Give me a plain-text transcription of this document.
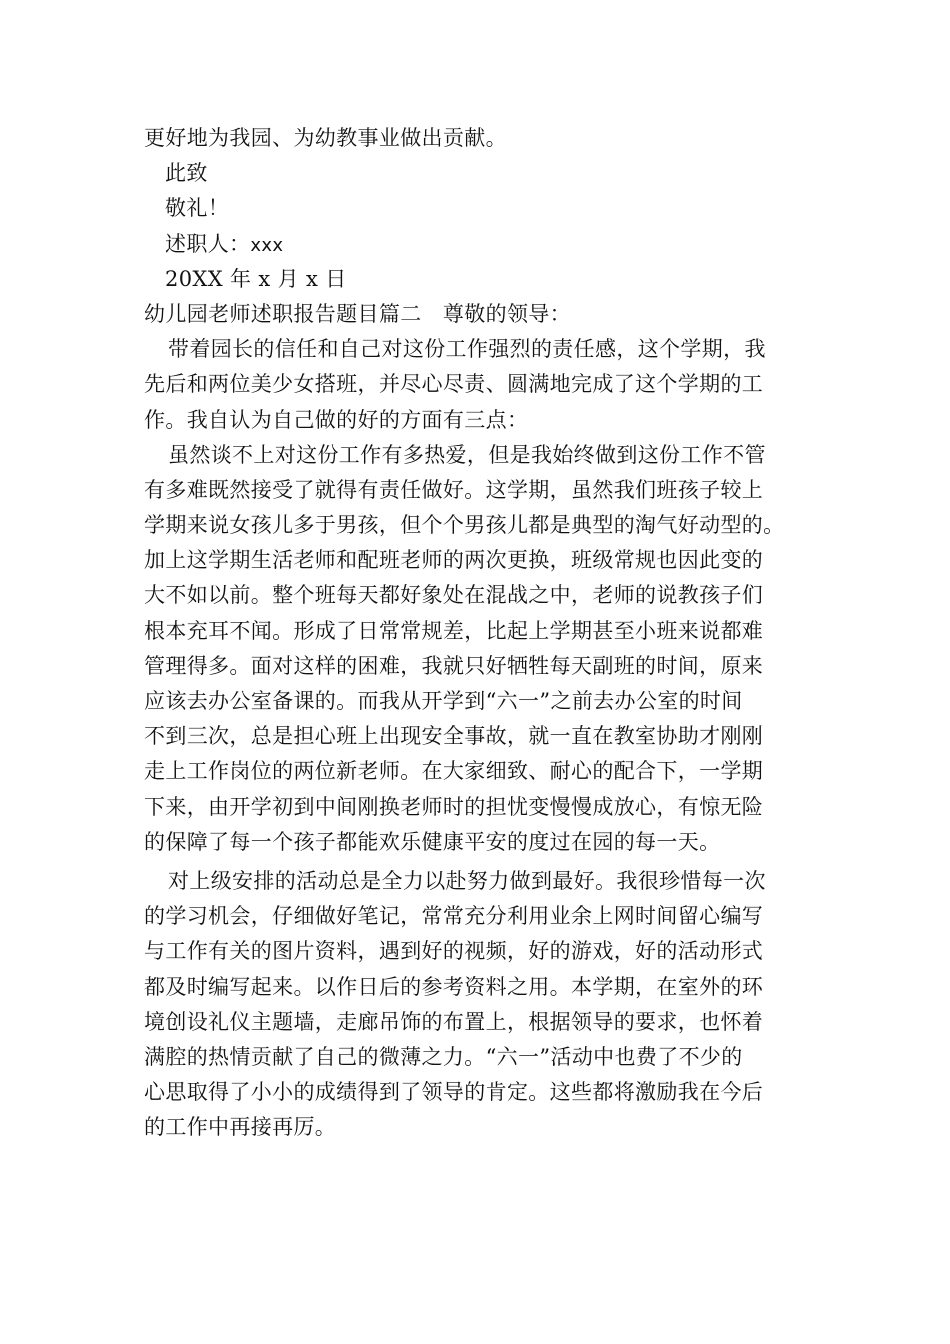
更好地为我园、为幼教事业做出贡献。
此致
敬礼！
述职人：xxx
20XX 年 x 月 x 日
幼儿园老师述职报告题目篇二　尊敬的领导：
带着园长的信任和自己对这份工作强烈的责任感，这个学期，我
先后和两位美少女搭班，并尽心尽责、圆满地完成了这个学期的工
作。我自认为自己做的好的方面有三点：
虽然谈不上对这份工作有多热爱，但是我始终做到这份工作不管
有多难既然接受了就得有责任做好。这学期，虽然我们班孩子较上
学期来说女孩儿多于男孩，但个个男孩儿都是典型的淘气好动型的。
加上这学期生活老师和配班老师的两次更换，班级常规也因此变的
大不如以前。整个班每天都好象处在混战之中，老师的说教孩子们
根本充耳不闻。形成了日常常规差，比起上学期甚至小班来说都难
管理得多。面对这样的困难，我就只好牺牲每天副班的时间，原来
应该去办公室备课的。而我从开学到“六一”之前去办公室的时间
不到三次，总是担心班上出现安全事故，就一直在教室协助才刚刚
走上工作岗位的两位新老师。在大家细致、耐心的配合下，一学期
下来，由开学初到中间刚换老师时的担忧变慢慢成放心，有惊无险
的保障了每一个孩子都能欢乐健康平安的度过在园的每一天。
对上级安排的活动总是全力以赴努力做到最好。我很珍惜每一次
的学习机会，仔细做好笔记，常常充分利用业余上网时间留心编写
与工作有关的图片资料，遇到好的视频，好的游戏，好的活动形式
都及时编写起来。以作日后的参考资料之用。本学期，在室外的环
境创设礼仪主题墙，走廊吊饰的布置上，根据领导的要求，也怀着
满腔的热情贡献了自己的微薄之力。“六一”活动中也费了不少的
心思取得了小小的成绩得到了领导的肯定。这些都将激励我在今后
的工作中再接再厉。
